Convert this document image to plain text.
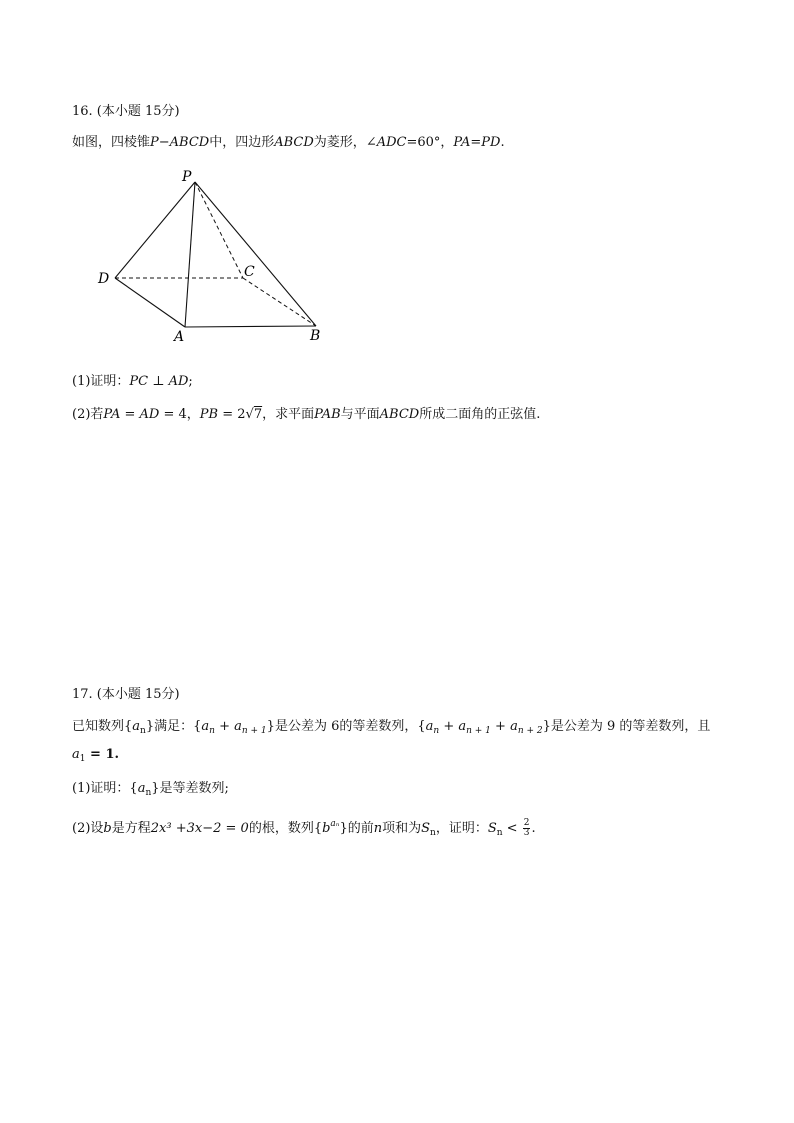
16. (本小题 15分)
如图，四棱锥P−ABCD中，四边形ABCD为菱形，∠ADC=60°，PA=PD.
P
D	C
A	B
(1)证明：PC ⊥ AD;
(2)若PA = AD = 4，PB = 2√7，求平面PAB与平面ABCD所成二面角的正弦值.
17. (本小题 15分)
已知数列$\{a_n\}$满足：$\{a_n + a_{n + 1}\}$是公差为 6的等差数列，$\{a_n + a_{n + 1} + a_{n + 2}\}$是公差为 9 的等差数列，且
$a_1 = 1$.
(1)证明：$\{a_n\}$是等差数列;
(2)设b是方程2x³ +3x−2 = 0的根，数列$\{b^{a_n}\}$的前n项和为$S_n$，证明：$S_n < \frac{2}{3}$ .
